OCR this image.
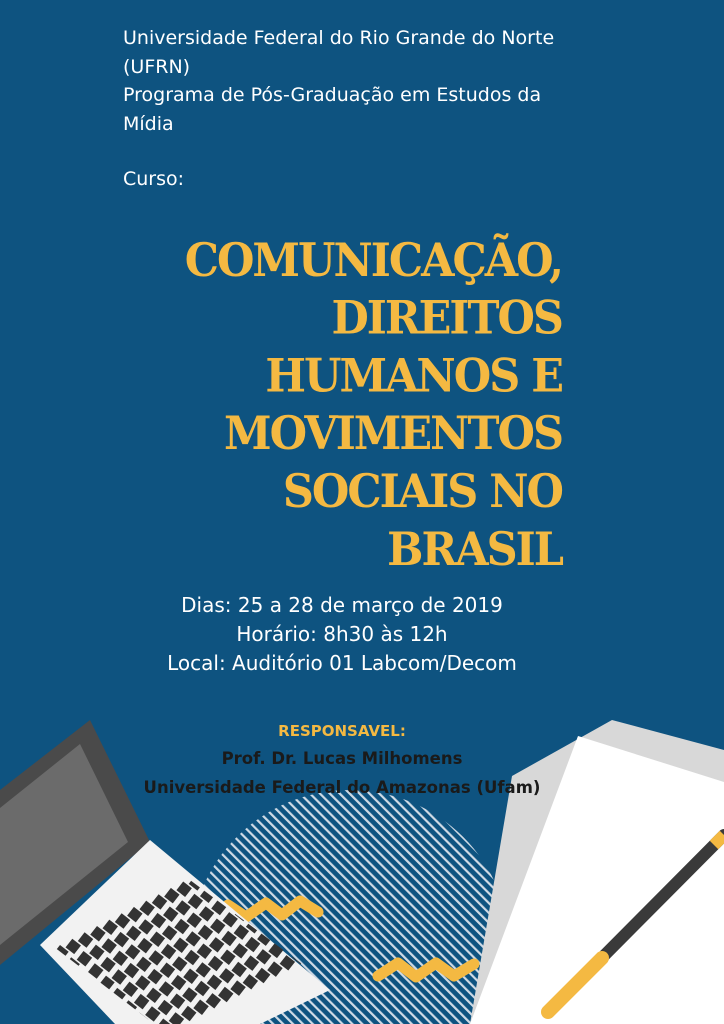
Universidade Federal do Rio Grande do Norte
(UFRN)
Programa de Pós-Graduação em Estudos da
Mídia
Curso:
COMUNICAÇÃO,
DIREITOS
HUMANOS E
MOVIMENTOS
SOCIAIS NO
BRASIL
Dias: 25 a 28 de março de 2019
Horário: 8h30 às 12h
Local: Auditório 01 Labcom/Decom
RESPONSAVEL:
Prof. Dr. Lucas Milhomens
Universidade Federal do Amazonas (Ufam)
